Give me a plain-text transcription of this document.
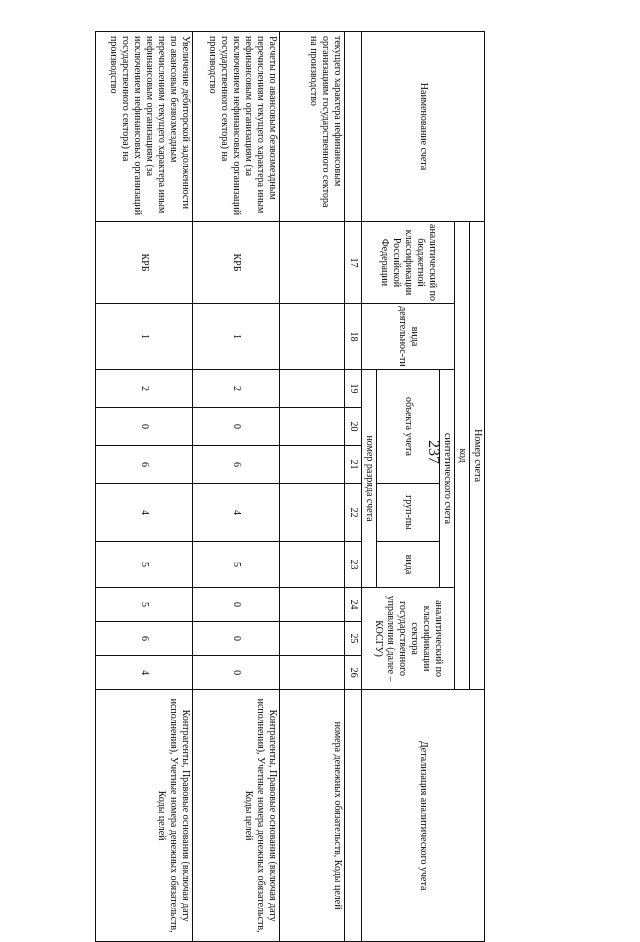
237
Наименование счета	Номер счета										Детализация аналитического учета
	код										
	аналитический по бюджетной классификации Российской Федерации	вида деятельнос-ти	синтетического счета					аналитический по классификации сектора государственного управления (далее – КОСГУ)			
			объекта учета			груп-пы	вида				

			номер разряда счета								
	17	18	19	20	21	22	23	24	25	26	
текущего характера нефинансовым организациям государственного сектора на производство											номера денежных обязательств, Коды целей
Расчеты по авансовым безвозмездным перечислениям текущего характера иным нефинансовым организациям (за исключением нефинансовых организаций государственного сектора) на производство	КРБ	1	2	0	6	4	5	0	0	0	Контрагенты, Правовые основания (включая дату исполнения), Учетные номера денежных обязательств, Коды целей
Увеличение дебиторской задолженности по авансовым безвозмездным перечислениям текущего характера иным нефинансовым организациям (за исключением нефинансовых организаций государственного сектора) на производство	КРБ	1	2	0	6	4	5	5	6	4	Контрагенты, Правовые основания (включая дату исполнения), Учетные номера денежных обязательств, Коды целей
